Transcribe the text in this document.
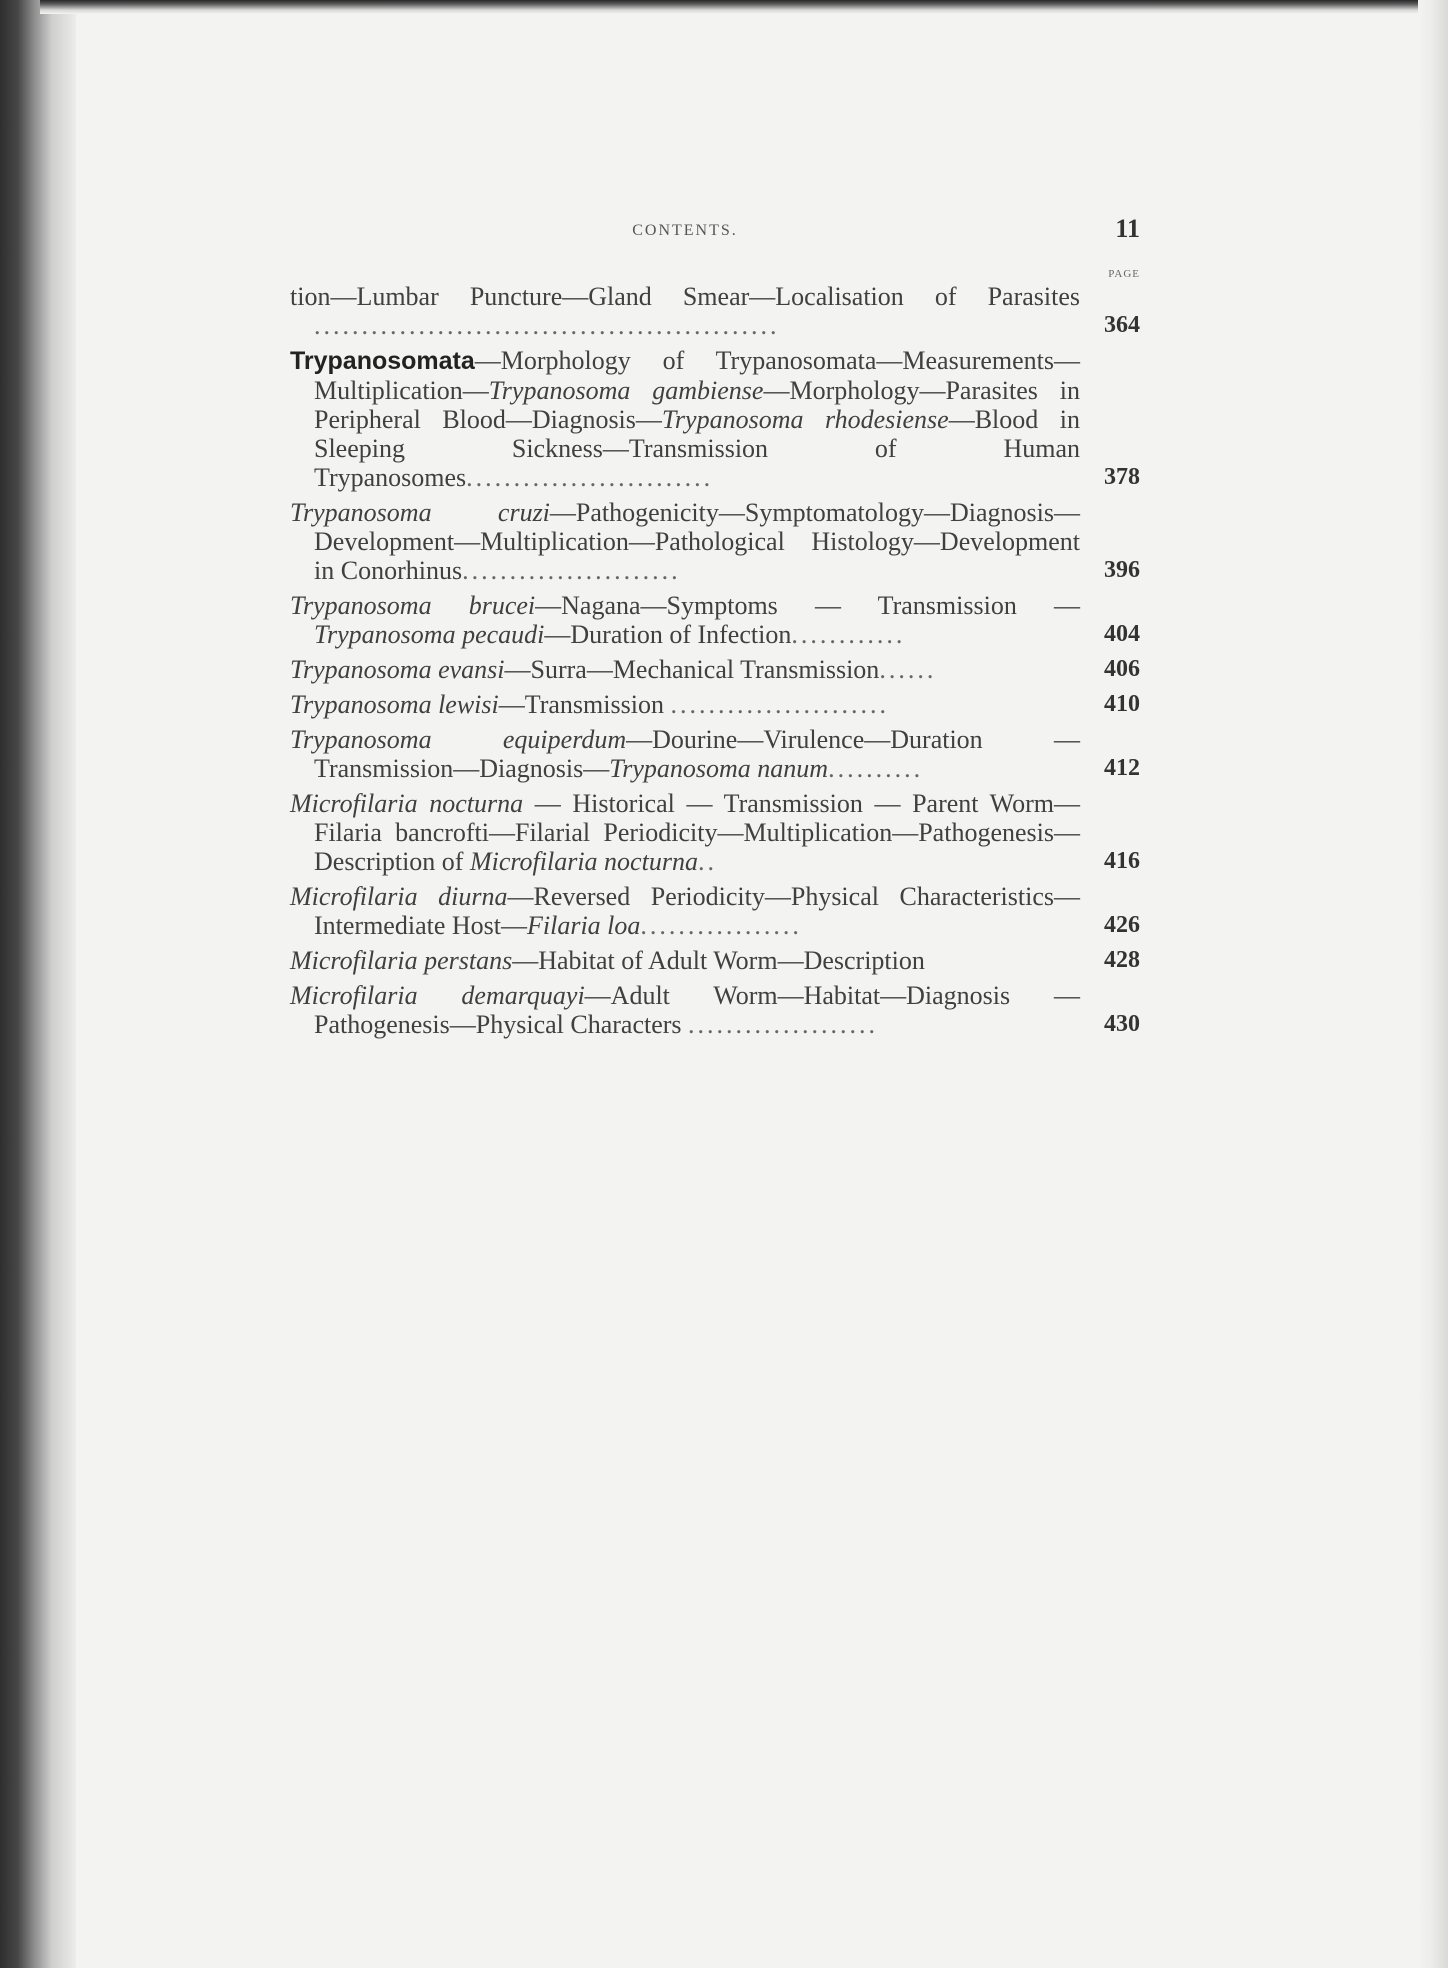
CONTENTS.	11
PAGE
tion—Lumbar Puncture—Gland Smear—Localisation of Parasites .................................................	364
Trypanosomata—Morphology of Trypanosomata—Measurements—Multiplication—Trypanosoma gambiense—Morphology—Parasites in Peripheral Blood—Diagnosis—Trypanosoma rhodesiense—Blood in Sleeping Sickness—Transmission of Human Trypanosomes..........................	378
Trypanosoma cruzi—Pathogenicity—Symptomatology—Diagnosis—Development—Multiplication—Pathological Histology—Development in Conorhinus.......................	396
Trypanosoma brucei—Nagana—Symptoms — Transmission — Trypanosoma pecaudi—Duration of Infection............	404
Trypanosoma evansi—Surra—Mechanical Transmission......	406
Trypanosoma lewisi—Transmission .......................	410
Trypanosoma equiperdum—Dourine—Virulence—Duration — Transmission—Diagnosis—Trypanosoma nanum..........	412
Microfilaria nocturna — Historical — Transmission — Parent Worm—Filaria bancrofti—Filarial Periodicity—Multiplication—Pathogenesis—Description of Microfilaria nocturna..	416
Microfilaria diurna—Reversed Periodicity—Physical Characteristics—Intermediate Host—Filaria loa.................	426
Microfilaria perstans—Habitat of Adult Worm—Description	428
Microfilaria demarquayi—Adult Worm—Habitat—Diagnosis —Pathogenesis—Physical Characters ....................	430
